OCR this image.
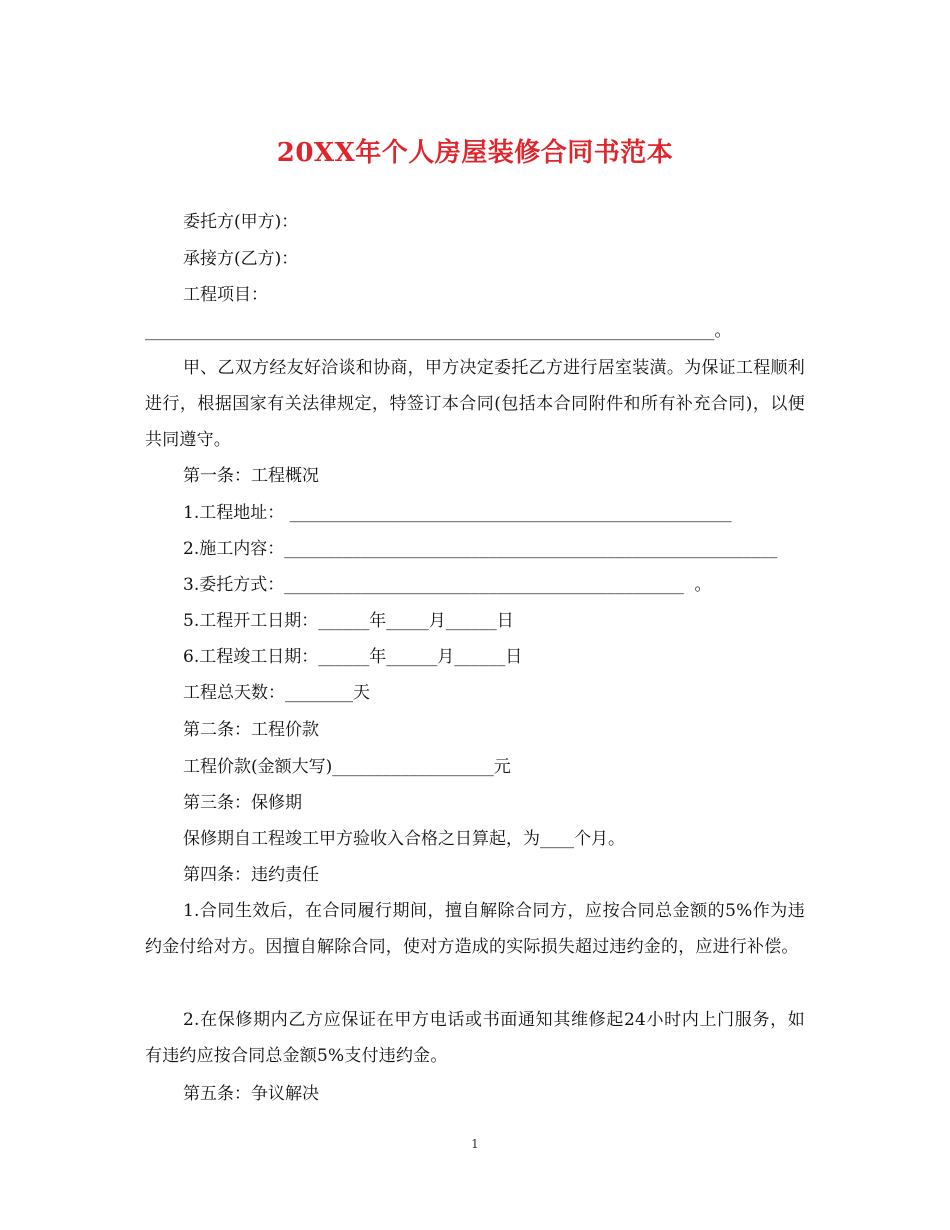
20XX年个人房屋装修合同书范本
委托方(甲方)：
承接方(乙方)：
工程项目：
___________________________________________________________________。
甲、乙双方经友好洽谈和协商，甲方决定委托乙方进行居室装潢。为保证工程顺利进行，根据国家有关法律规定，特签订本合同(包括本合同附件和所有补充合同)，以便共同遵守。
第一条：工程概况
1.工程地址： ____________________________________________________
2.施工内容：__________________________________________________________
3.委托方式：_______________________________________________  。
5.工程开工日期：______年_____月______日
6.工程竣工日期：______年______月______日
工程总天数：________天
第二条：工程价款
工程价款(金额大写)___________________元
第三条：保修期
保修期自工程竣工甲方验收入合格之日算起，为____个月。
第四条：违约责任
1.合同生效后，在合同履行期间，擅自解除合同方，应按合同总金额的5%作为违约金付给对方。因擅自解除合同，使对方造成的实际损失超过违约金的，应进行补偿。
2.在保修期内乙方应保证在甲方电话或书面通知其维修起24小时内上门服务，如有违约应按合同总金额5%支付违约金。
第五条：争议解决
1
